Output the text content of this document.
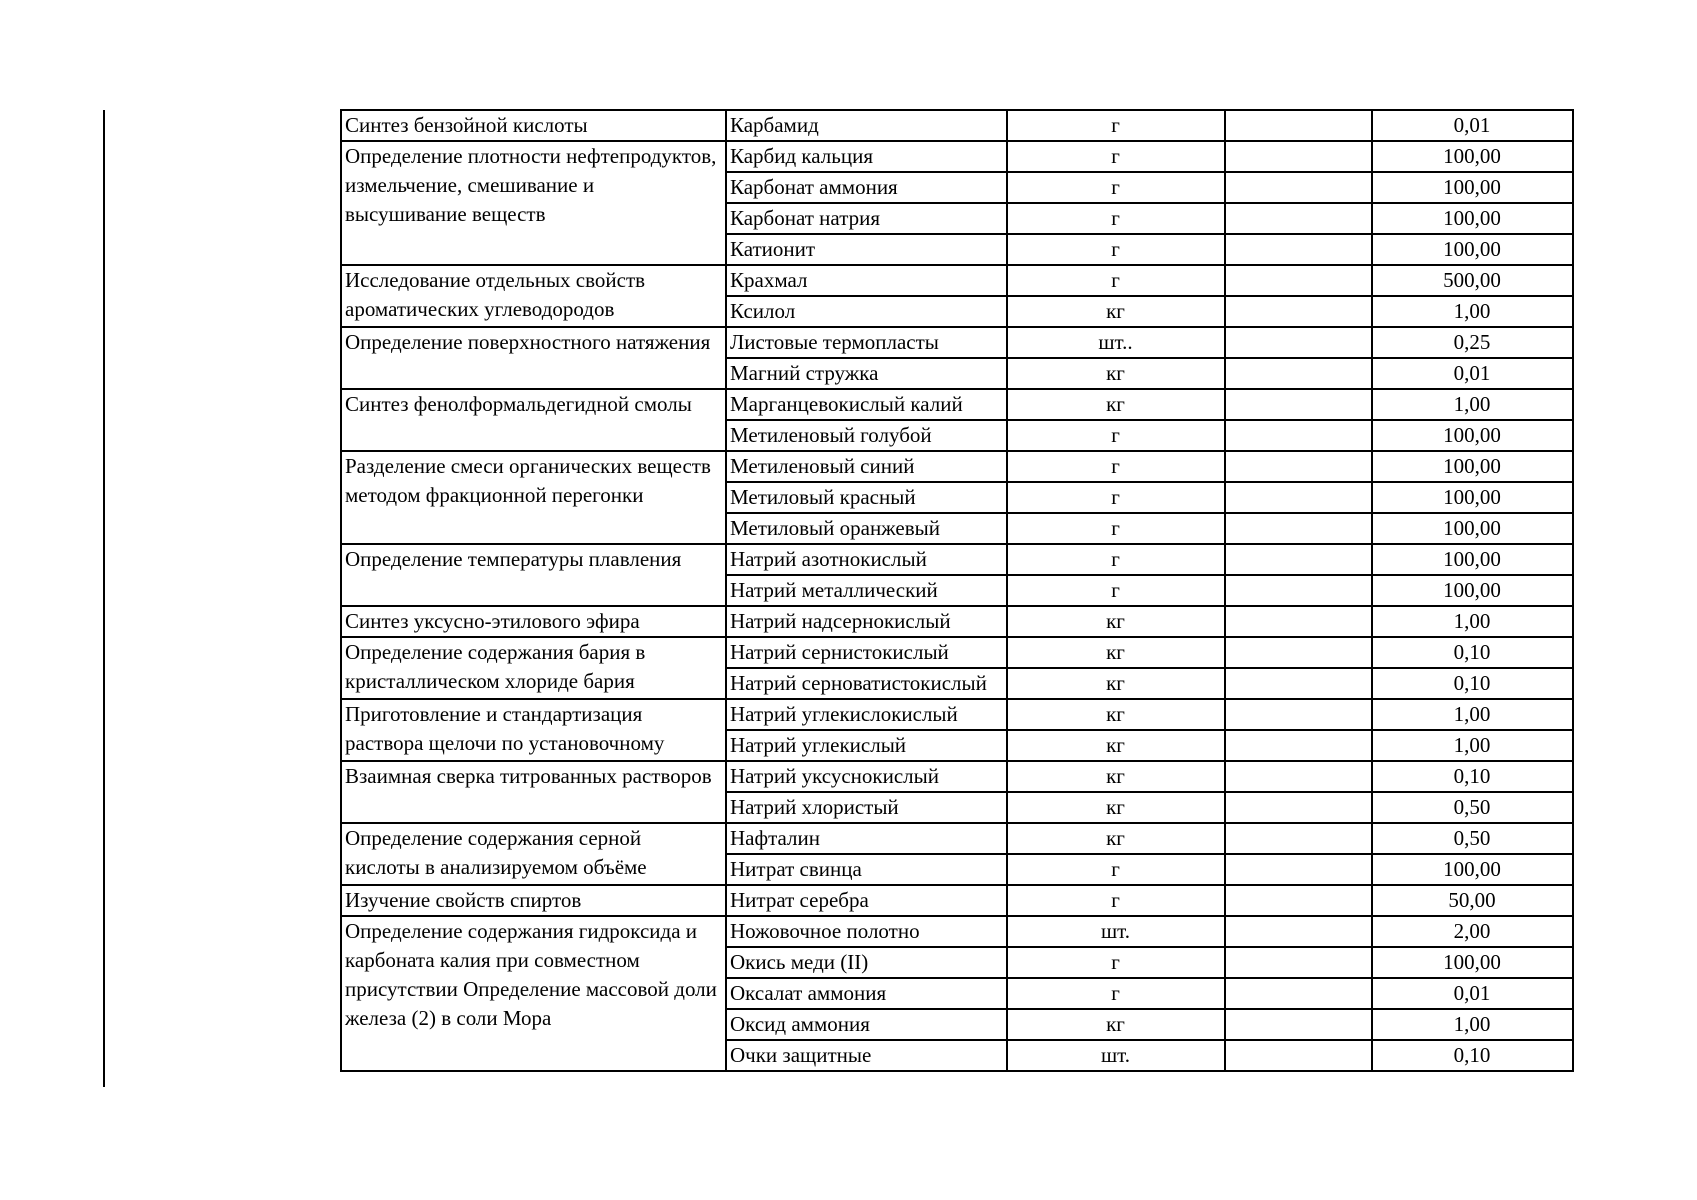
Синтез бензойной кислоты	Карбамид	г		0,01
Определение плотности нефтепродуктов, измельчение, смешивание и высушивание веществ	Карбид кальция	г		100,00
	Карбонат аммония	г		100,00
	Карбонат натрия	г		100,00
	Катионит	г		100,00
Исследование отдельных свойств ароматических углеводородов	Крахмал	г		500,00
	Ксилол	кг		1,00
Определение поверхностного натяжения	Листовые термопласты	шт..		0,25
	Магний стружка	кг		0,01
Синтез фенолформальдегидной смолы	Марганцевокислый калий	кг		1,00
	Метиленовый голубой	г		100,00
Разделение смеси органических веществ методом фракционной перегонки	Метиленовый синий	г		100,00
	Метиловый красный	г		100,00
	Метиловый оранжевый	г		100,00
Определение температуры плавления	Натрий азотнокислый	г		100,00
	Натрий металлический	г		100,00
Синтез уксусно-этилового эфира	Натрий надсернокислый	кг		1,00
Определение содержания бария в кристаллическом хлориде бария	Натрий сернистокислый	кг		0,10
	Натрий серноватистокислый	кг		0,10
Приготовление и стандартизация раствора щелочи по установочному	Натрий углекислокислый	кг		1,00
	Натрий углекислый	кг		1,00
Взаимная сверка титрованных растворов	Натрий уксуснокислый	кг		0,10
	Натрий хлористый	кг		0,50
Определение содержания серной кислоты в анализируемом объёме	Нафталин	кг		0,50
	Нитрат свинца	г		100,00
Изучение свойств спиртов	Нитрат серебра	г		50,00
Определение содержания гидроксида и карбоната калия при совместном присутствии Определение массовой доли железа (2) в соли Мора	Ножовочное полотно	шт.		2,00
	Окись меди (II)	г		100,00
	Оксалат аммония	г		0,01
	Оксид аммония	кг		1,00
	Очки защитные	шт.		0,10
